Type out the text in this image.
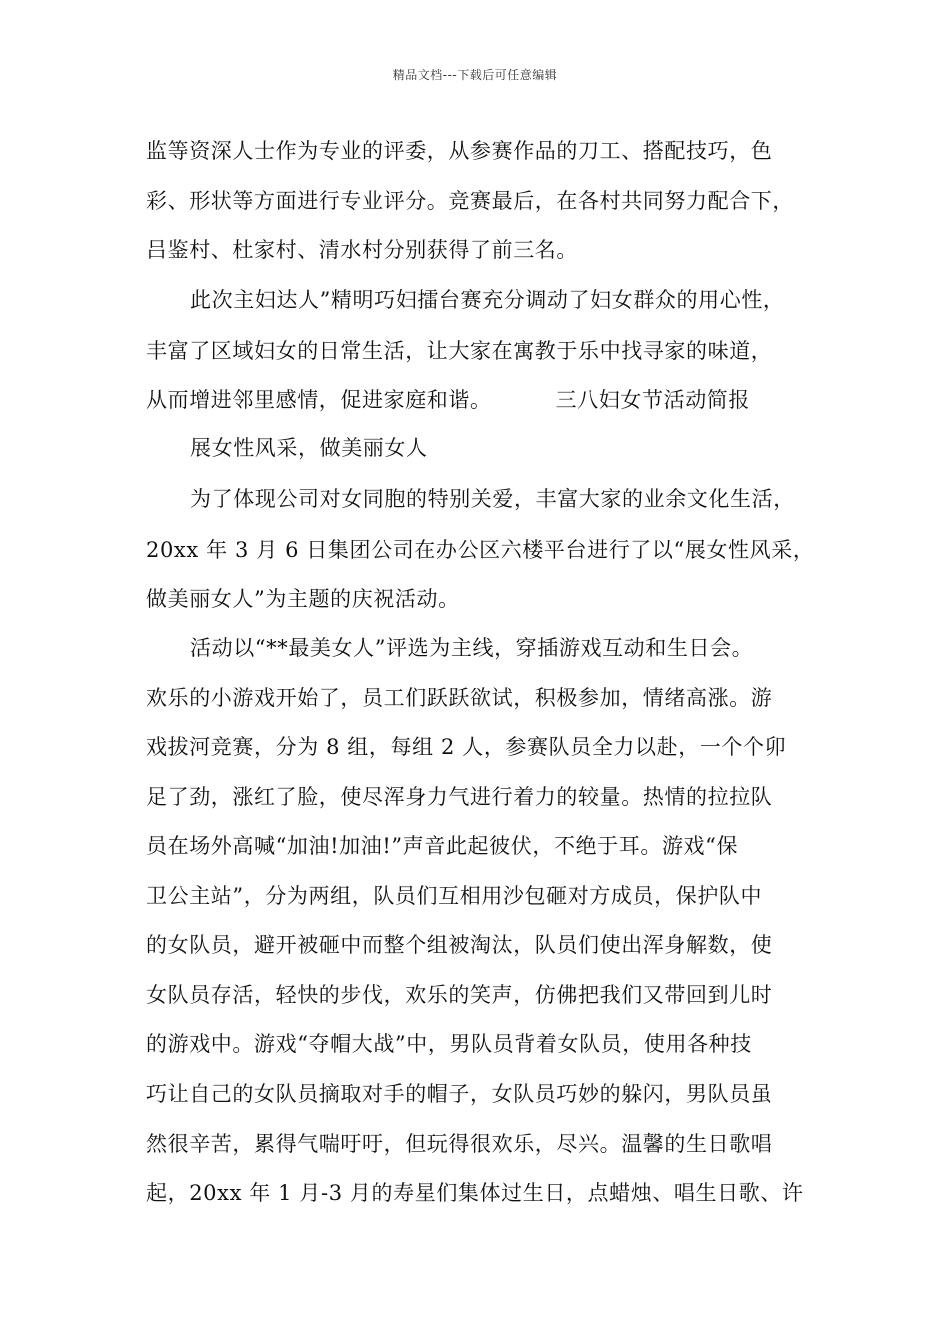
精品文档---下载后可任意编辑
监等资深人士作为专业的评委，从参赛作品的刀工、搭配技巧，色
彩、形状等方面进行专业评分。竞赛最后，在各村共同努力配合下，
吕鉴村、杜家村、清水村分别获得了前三名。
此次主妇达人”精明巧妇擂台赛充分调动了妇女群众的用心性，
丰富了区域妇女的日常生活，让大家在寓教于乐中找寻家的味道，
从而增进邻里感情，促进家庭和谐。	三八妇女节活动简报
展女性风采，做美丽女人
为了体现公司对女同胞的特别关爱，丰富大家的业余文化生活，
20xx 年 3 月 6 日集团公司在办公区六楼平台进行了以“展女性风采，
做美丽女人”为主题的庆祝活动。
活动以“**最美女人”评选为主线，穿插游戏互动和生日会。
欢乐的小游戏开始了，员工们跃跃欲试，积极参加，情绪高涨。游
戏拔河竞赛，分为 8 组，每组 2 人，参赛队员全力以赴，一个个卯
足了劲，涨红了脸，使尽浑身力气进行着力的较量。热情的拉拉队
员在场外高喊“加油!加油!”声音此起彼伏，不绝于耳。游戏“保
卫公主站”，分为两组，队员们互相用沙包砸对方成员，保护队中
的女队员，避开被砸中而整个组被淘汰，队员们使出浑身解数，使
女队员存活，轻快的步伐，欢乐的笑声，仿佛把我们又带回到儿时
的游戏中。游戏“夺帽大战”中，男队员背着女队员，使用各种技
巧让自己的女队员摘取对手的帽子，女队员巧妙的躲闪，男队员虽
然很辛苦，累得气喘吁吁，但玩得很欢乐，尽兴。温馨的生日歌唱
起，20xx 年 1 月-3 月的寿星们集体过生日，点蜡烛、唱生日歌、许
